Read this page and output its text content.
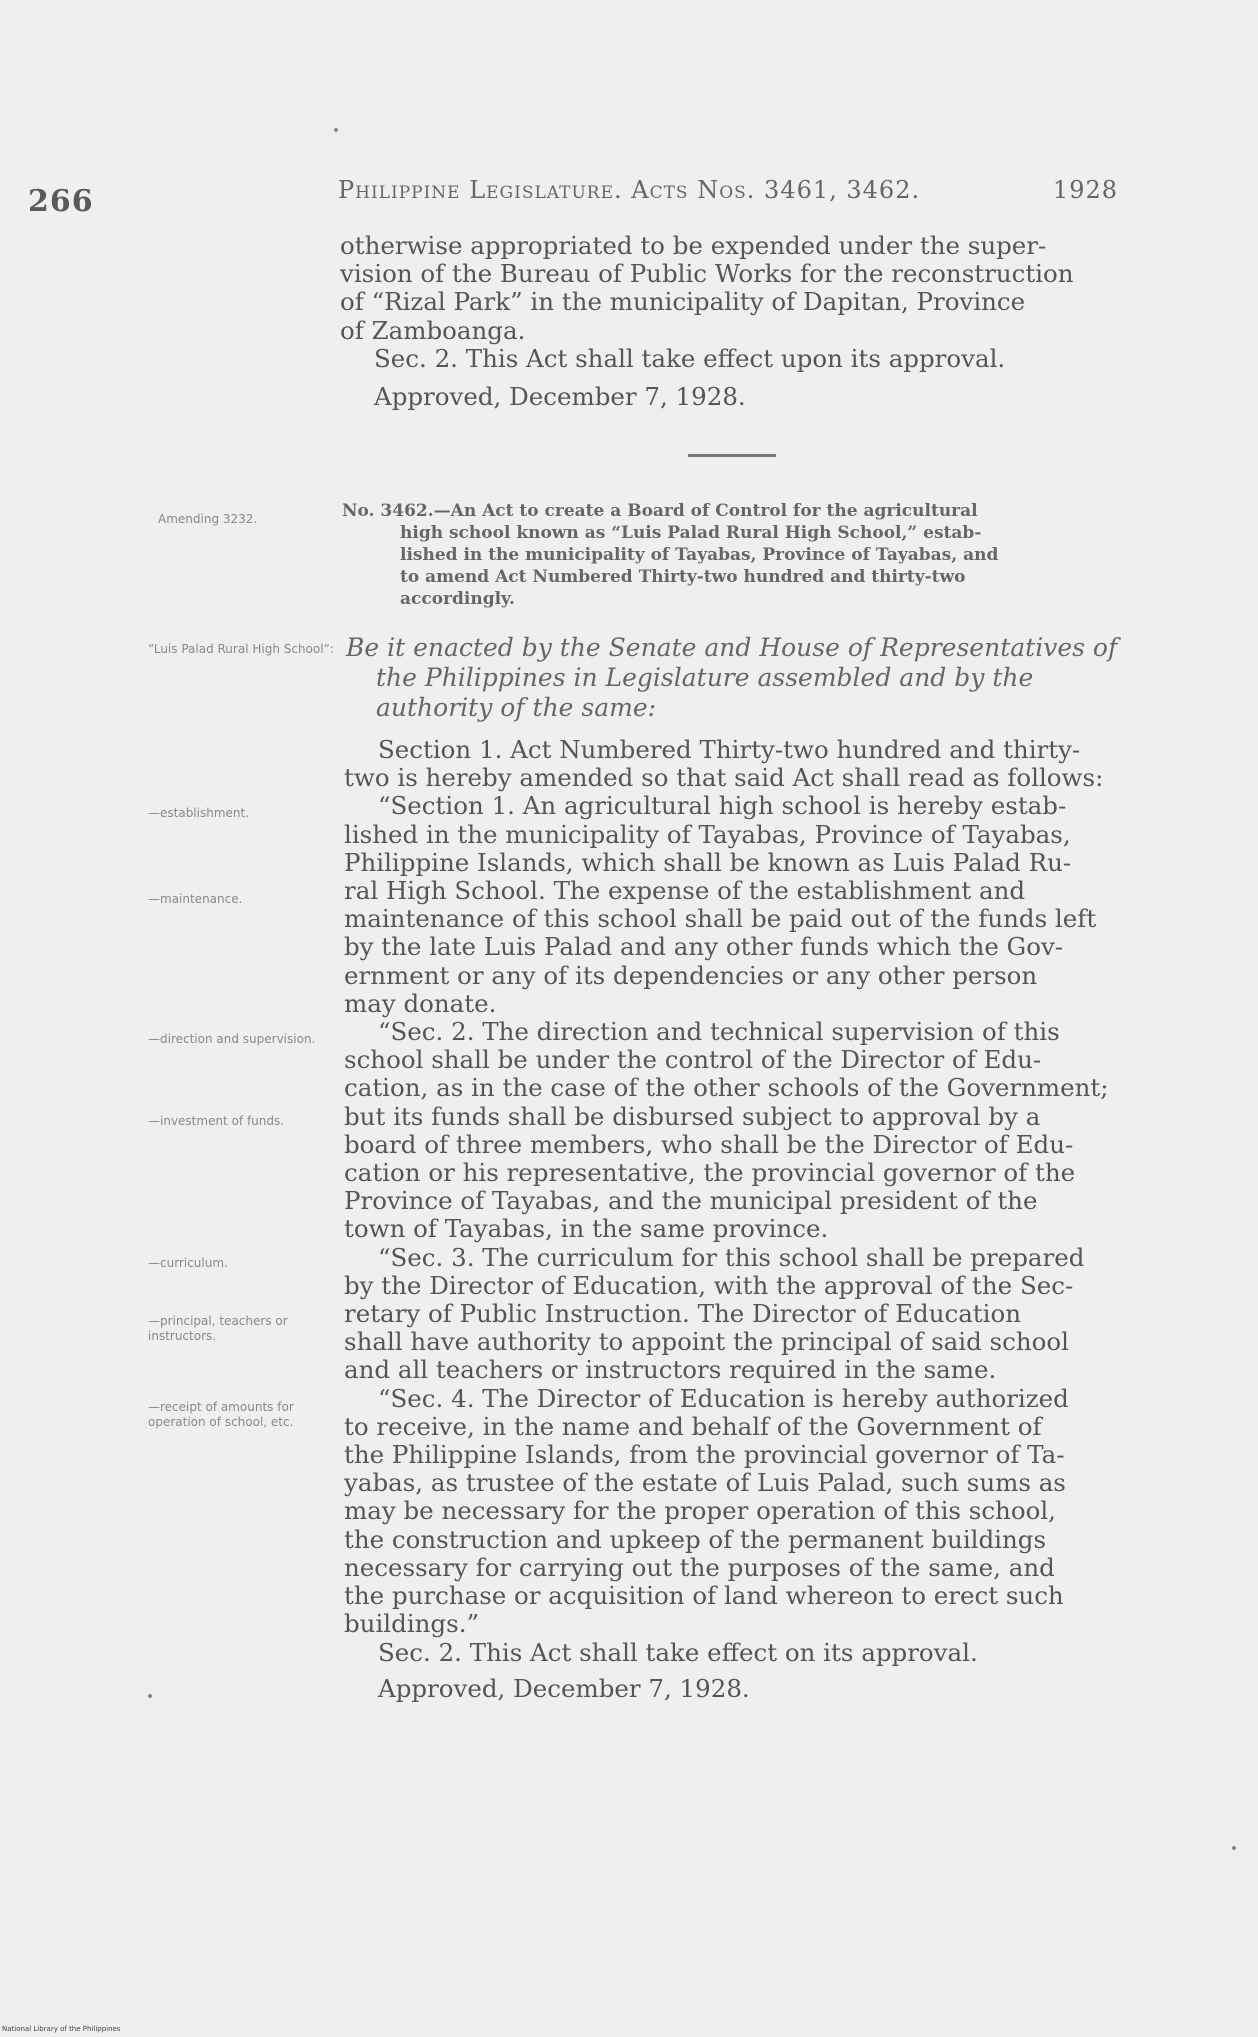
266	Philippine Legislature. Acts Nos. 3461, 3462.	1928

otherwise appropriated to be expended under the super-

vision of the Bureau of Public Works for the reconstruction

of “Rizal Park” in the municipality of Dapitan, Province

of Zamboanga.

Sec. 2. This Act shall take effect upon its approval.

Approved, December 7, 1928.

Amending 3232.	No. 3462.—An Act to create a Board of Control for the agricultural
high school known as “Luis Palad Rural High School,” estab-
lished in the municipality of Tayabas, Province of Tayabas, and
to amend Act Numbered Thirty-two hundred and thirty-two
accordingly.
“Luis Palad Rural High School”: Be it enacted by the Senate and House of Representatives of
the Philippines in Legislature assembled and by the
authority of the same:

Section 1. Act Numbered Thirty-two hundred and thirty-

two is hereby amended so that said Act shall read as follows:

“Section 1. An agricultural high school is hereby estab-

lished in the municipality of Tayabas, Province of Tayabas,

Philippine Islands, which shall be known as Luis Palad Ru-

ral High School. The expense of the establishment and

maintenance of this school shall be paid out of the funds left

by the late Luis Palad and any other funds which the Gov-

ernment or any of its dependencies or any other person

may donate.

“Sec. 2. The direction and technical supervision of this

school shall be under the control of the Director of Edu-

cation, as in the case of the other schools of the Government;

but its funds shall be disbursed subject to approval by a

board of three members, who shall be the Director of Edu-

cation or his representative, the provincial governor of the

Province of Tayabas, and the municipal president of the

town of Tayabas, in the same province.

“Sec. 3. The curriculum for this school shall be prepared

by the Director of Education, with the approval of the Sec-

retary of Public Instruction. The Director of Education

shall have authority to appoint the principal of said school

and all teachers or instructors required in the same.

“Sec. 4. The Director of Education is hereby authorized

to receive, in the name and behalf of the Government of

the Philippine Islands, from the provincial governor of Ta-

yabas, as trustee of the estate of Luis Palad, such sums as

may be necessary for the proper operation of this school,

the construction and upkeep of the permanent buildings

necessary for carrying out the purposes of the same, and

the purchase or acquisition of land whereon to erect such

buildings.”

Sec. 2. This Act shall take effect on its approval.

Approved, December 7, 1928.

—establishment.
—maintenance.
—direction and supervision.
—investment of funds.
—curriculum.
—principal, teachers or instructors.
—receipt of amounts for operation of school, etc.
National Library of the Philippines
